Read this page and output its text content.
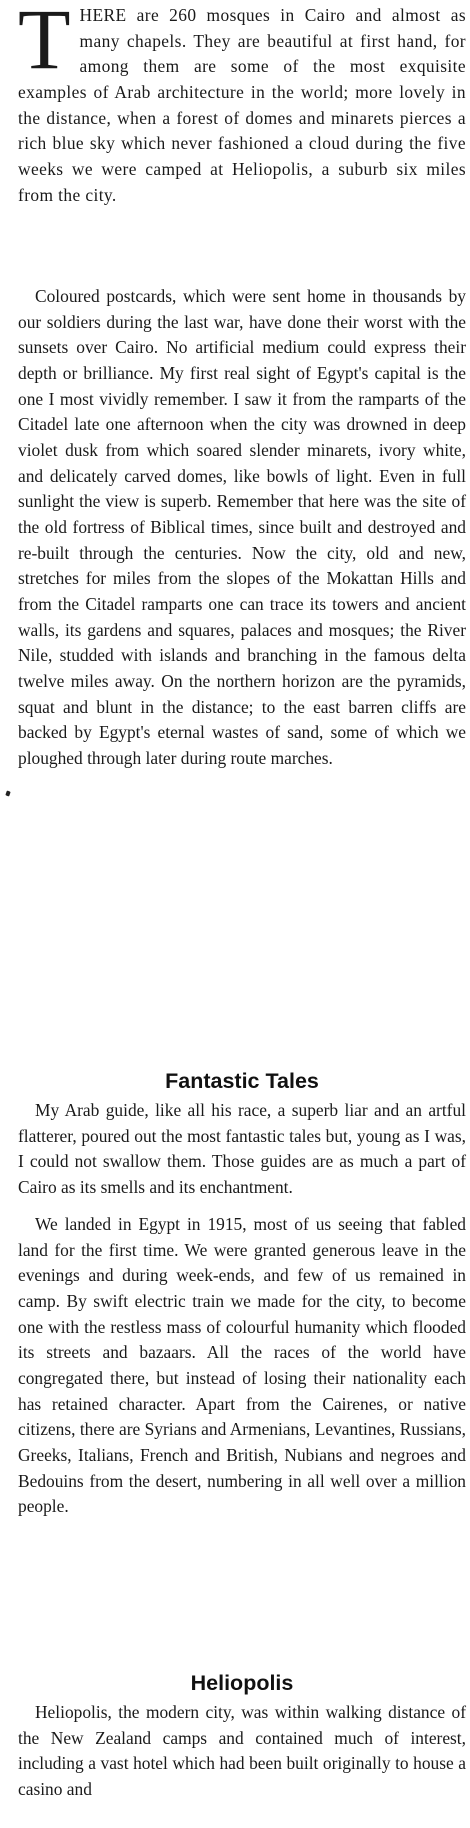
T HERE are 260 mosques in Cairo and almost as many chapels. They are beautiful at first hand, for among them are some of the most exquisite examples of Arab architecture in the world; more lovely in the distance, when a forest of domes and minarets pierces a rich blue sky which never fashioned a cloud during the five weeks we were camped at Heliopolis, a suburb six miles from the city.

Coloured postcards, which were sent home in thousands by our soldiers during the last war, have done their worst with the sunsets over Cairo. No artificial medium could express their depth or brilliance. My first real sight of Egypt's capital is the one I most vividly remember. I saw it from the ramparts of the Citadel late one afternoon when the city was drowned in deep violet dusk from which soared slender minarets, ivory white, and delicately carved domes, like bowls of light. Even in full sunlight the view is superb. Remember that here was the site of the old fortress of Biblical times, since built and destroyed and re-built through the centuries. Now the city, old and new, stretches for miles from the slopes of the Mokattan Hills and from the Citadel ramparts one can trace its towers and ancient walls, its gardens and squares, palaces and mosques; the River Nile, studded with islands and branching in the famous delta twelve miles away. On the northern horizon are the pyramids, squat and blunt in the distance; to the east barren cliffs are backed by Egypt's eternal wastes of sand, some of which we ploughed through later during route marches.

Fantastic Tales

My Arab guide, like all his race, a superb liar and an artful flatterer, poured out the most fantastic tales but, young as I was, I could not swallow them. Those guides are as much a part of Cairo as its smells and its enchantment.

We landed in Egypt in 1915, most of us seeing that fabled land for the first time. We were granted generous leave in the evenings and during week-ends, and few of us remained in camp. By swift electric train we made for the city, to become one with the restless mass of colourful humanity which flooded its streets and bazaars. All the races of the world have congregated there, but instead of losing their nationality each has retained character. Apart from the Cairenes, or native citizens, there are Syrians and Armenians, Levantines, Russians, Greeks, Italians, French and British, Nubians and negroes and Bedouins from the desert, numbering in all well over a million people.

Heliopolis

Heliopolis, the modern city, was within walking distance of the New Zealand camps and contained much of interest, including a vast hotel which had been built originally to house a casino and
